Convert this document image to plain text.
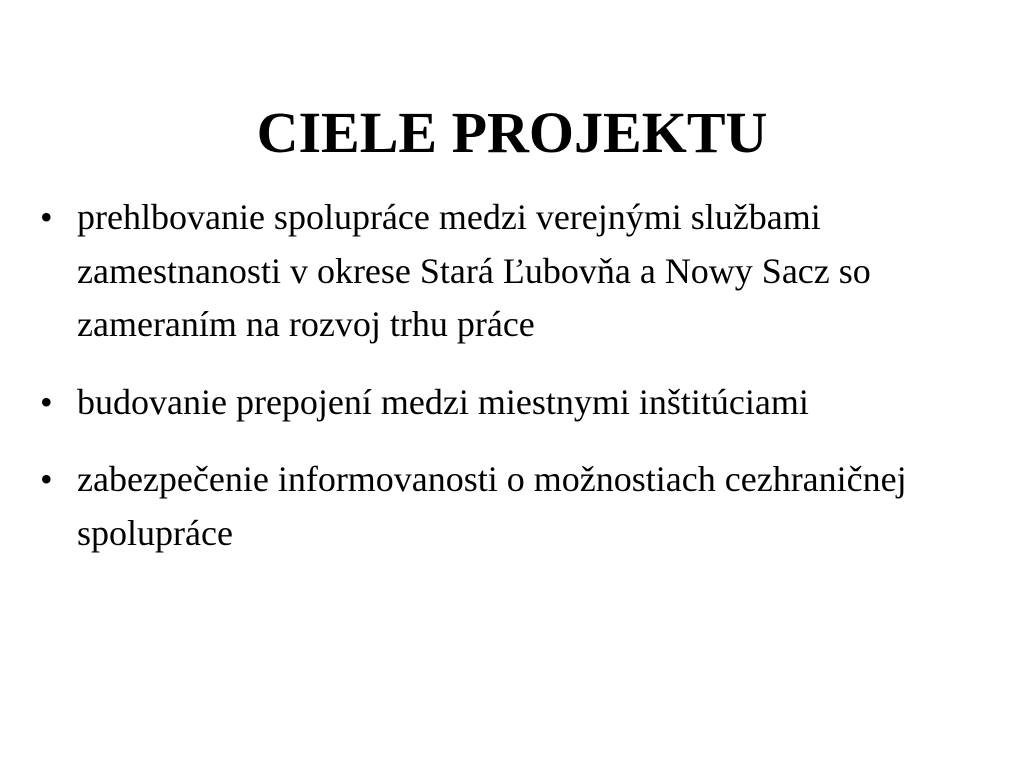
CIELE PROJEKTU
• prehlbovanie spolupráce medzi verejnými službami zamestnanosti v okrese Stará Ľubovňa a Nowy Sacz so zameraním na rozvoj trhu práce
• budovanie prepojení medzi miestnymi inštitúciami
• zabezpečenie informovanosti o možnostiach cezhraničnej spolupráce
